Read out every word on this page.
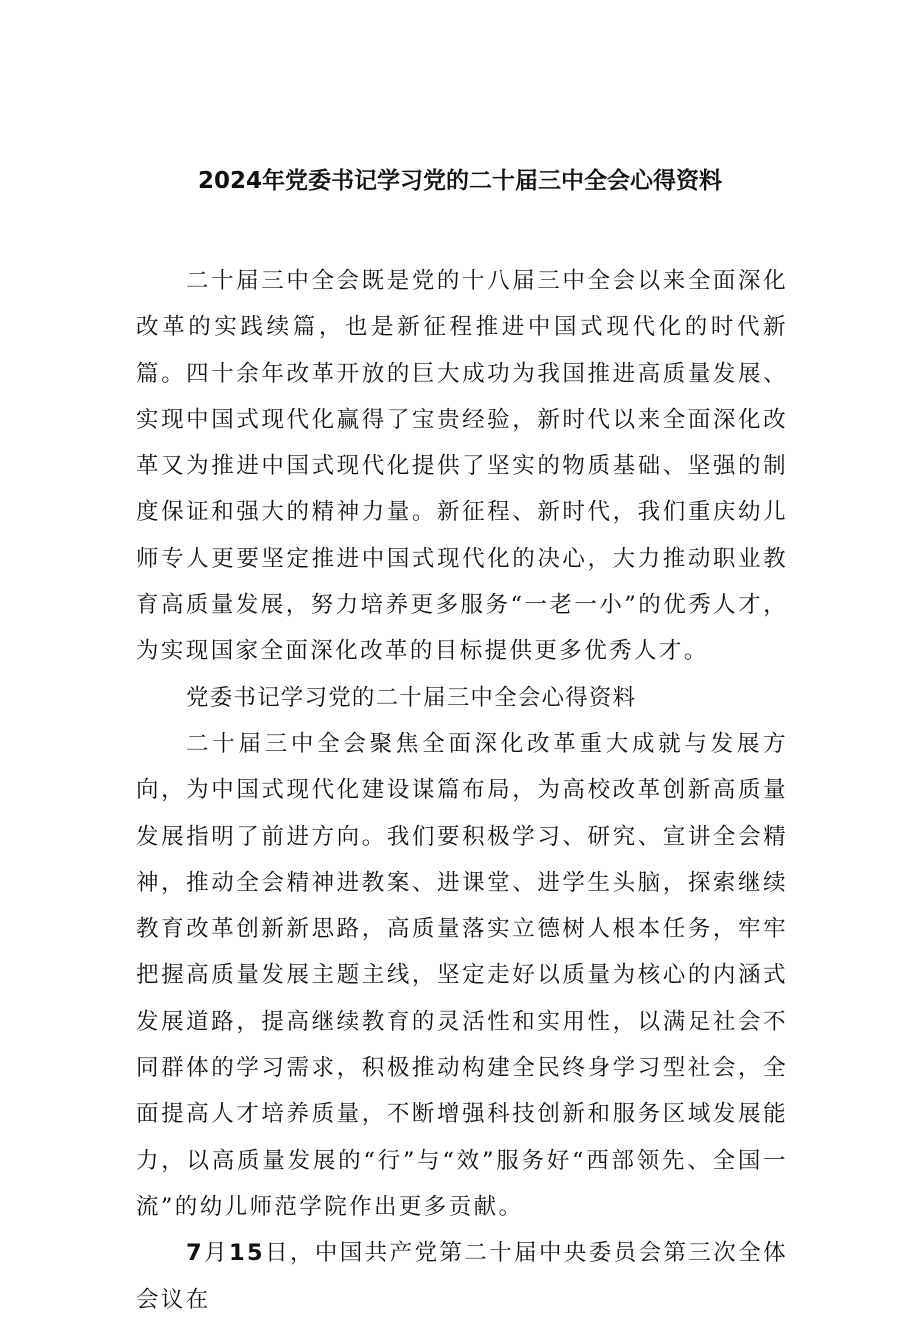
2024年党委书记学习党的二十届三中全会心得资料

二十届三中全会既是党的十八届三中全会以来全面深化改革的实践续篇，也是新征程推进中国式现代化的时代新篇。四十余年改革开放的巨大成功为我国推进高质量发展、实现中国式现代化赢得了宝贵经验，新时代以来全面深化改革又为推进中国式现代化提供了坚实的物质基础、坚强的制度保证和强大的精神力量。新征程、新时代，我们重庆幼儿师专人更要坚定推进中国式现代化的决心，大力推动职业教育高质量发展，努力培养更多服务“一老一小”的优秀人才，为实现国家全面深化改革的目标提供更多优秀人才。

党委书记学习党的二十届三中全会心得资料

二十届三中全会聚焦全面深化改革重大成就与发展方向，为中国式现代化建设谋篇布局，为高校改革创新高质量发展指明了前进方向。我们要积极学习、研究、宣讲全会精神，推动全会精神进教案、进课堂、进学生头脑，探索继续教育改革创新新思路，高质量落实立德树人根本任务，牢牢把握高质量发展主题主线，坚定走好以质量为核心的内涵式发展道路，提高继续教育的灵活性和实用性，以满足社会不同群体的学习需求，积极推动构建全民终身学习型社会，全面提高人才培养质量，不断增强科技创新和服务区域发展能力，以高质量发展的“行”与“效”服务好“西部领先、全国一流”的幼儿师范学院作出更多贡献。

7月15日，中国共产党第二十届中央委员会第三次全体会议在
